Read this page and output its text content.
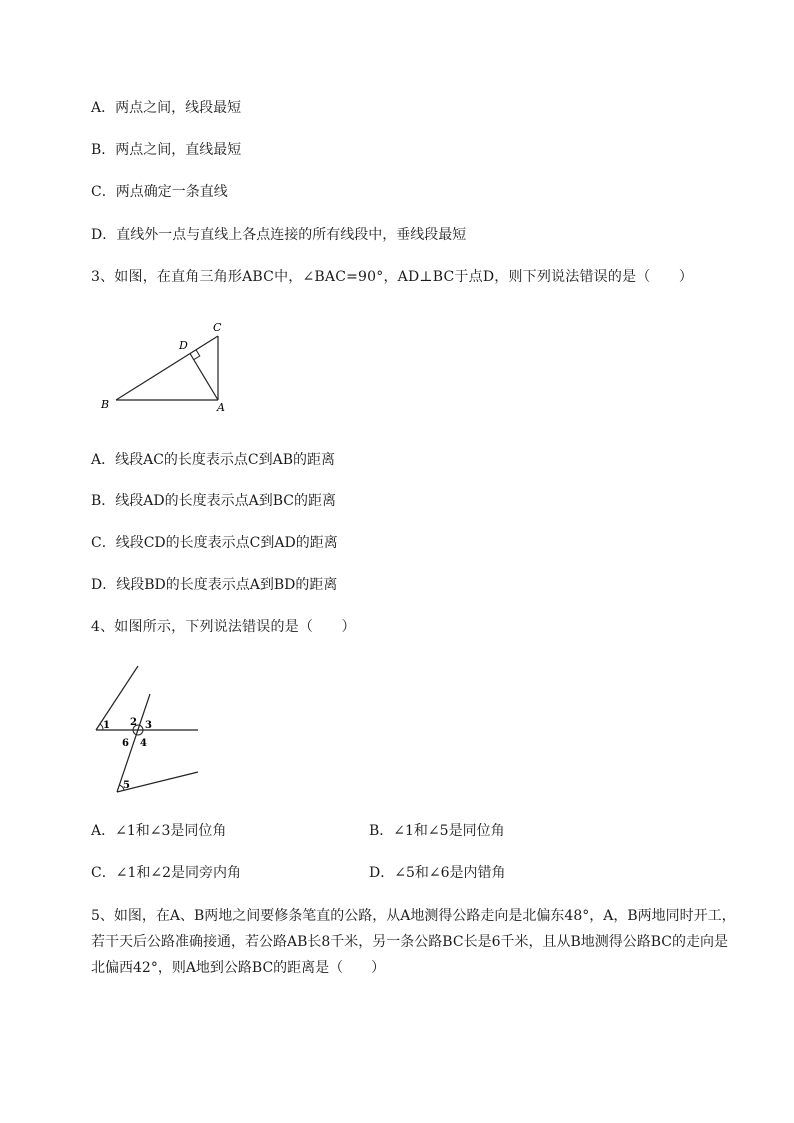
A．两点之间，线段最短
B．两点之间，直线最短
C．两点确定一条直线
D．直线外一点与直线上各点连接的所有线段中，垂线段最短
3、如图，在直角三角形ABC中，∠BAC=90°，AD⊥BC于点D，则下列说法错误的是（　　）
B	A
C
D
A．线段AC的长度表示点C到AB的距离
B．线段AD的长度表示点A到BC的距离
C．线段CD的长度表示点C到AD的距离
D．线段BD的长度表示点A到BD的距离
4、如图所示，下列说法错误的是（　　）
1 2 3
6 4
5
A．∠1和∠3是同位角	B．∠1和∠5是同位角
C．∠1和∠2是同旁内角	D．∠5和∠6是内错角
5、如图，在A、B两地之间要修条笔直的公路，从A地测得公路走向是北偏东48°，A，B两地同时开工，若干天后公路准确接通，若公路AB长8千米，另一条公路BC长是6千米，且从B地测得公路BC的走向是北偏西42°，则A地到公路BC的距离是（　　）
